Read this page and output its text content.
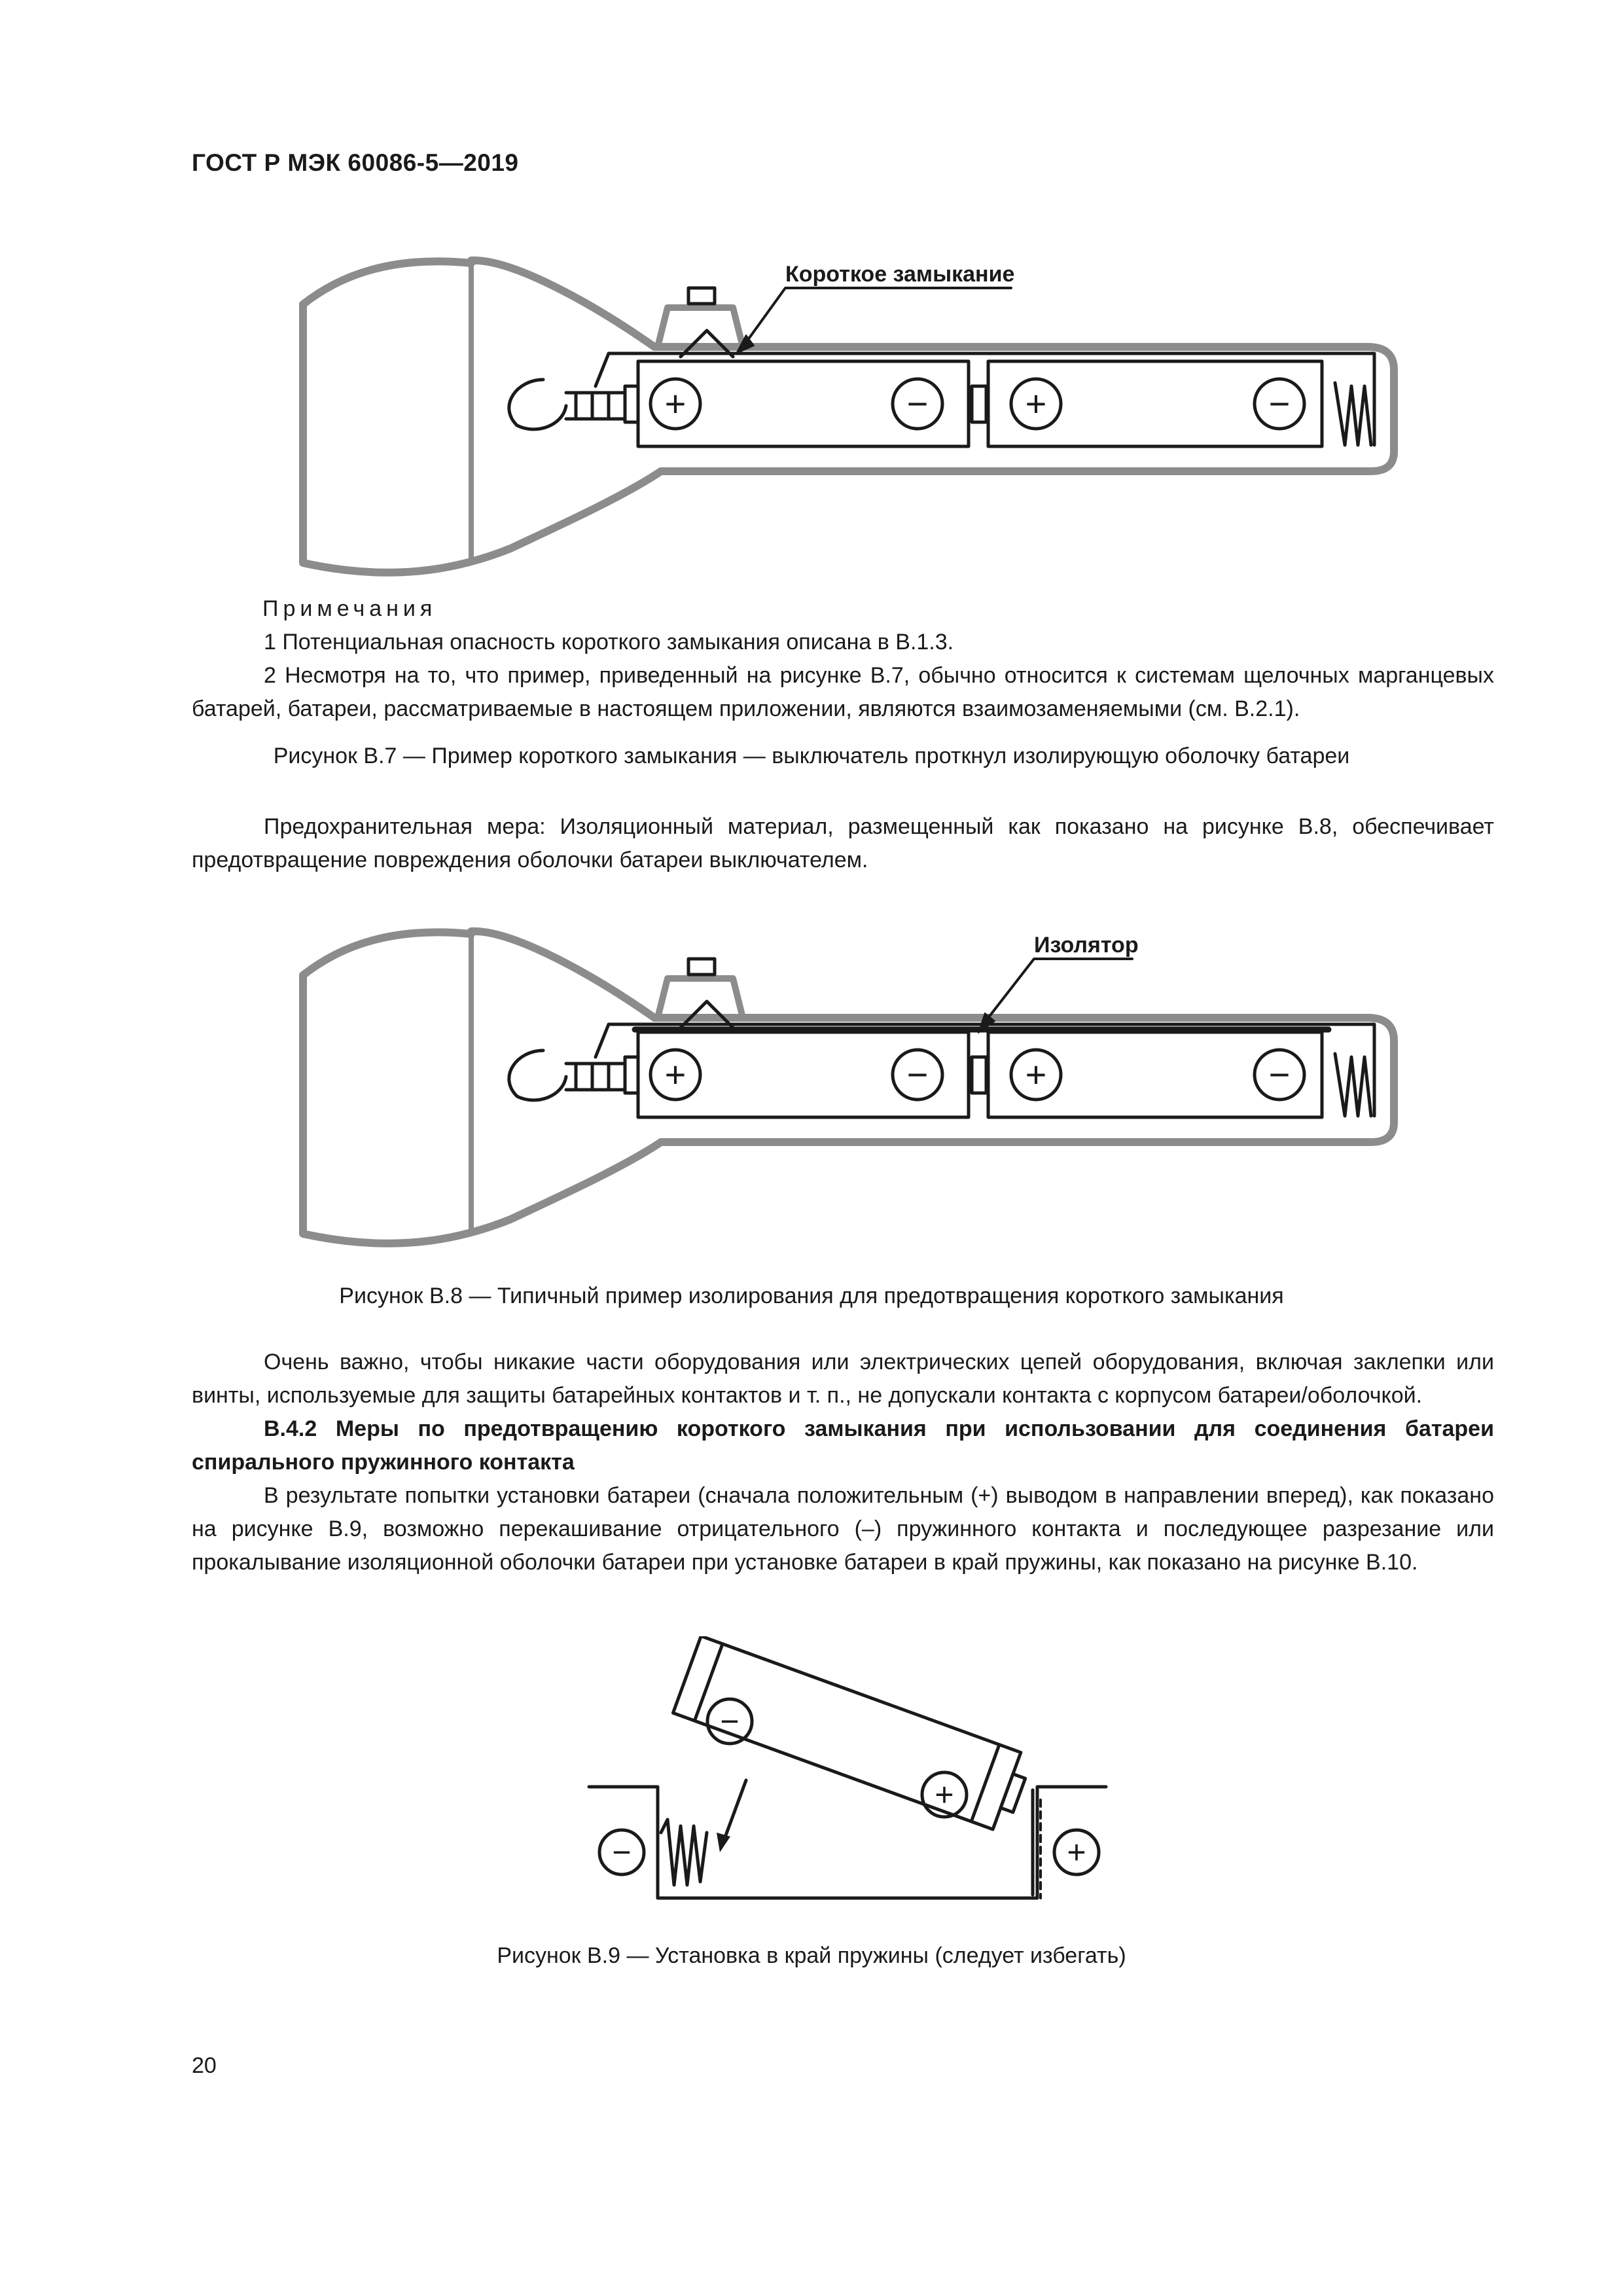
ГОСТ Р МЭК 60086-5—2019
+	−	+	−
Короткое замыкание

Примечания

1 Потенциальная опасность короткого замыкания описана в B.1.3.

2 Несмотря на то, что пример, приведенный на рисунке B.7, обычно относится к системам щелочных марганцевых батарей, батареи, рассматриваемые в настоящем приложении, являются взаимозаменяемыми (см. B.2.1).

Рисунок B.7 — Пример короткого замыкания — выключатель проткнул изолирующую оболочку батареи

Предохранительная мера: Изоляционный материал, размещенный как показано на рисунке B.8, обеспечивает предотвращение повреждения оболочки батареи выключателем.

+	−	+	−
Изолятор
Рисунок B.8 — Типичный пример изолирования для предотвращения короткого замыкания

Очень важно, чтобы никакие части оборудования или электрических цепей оборудования, включая заклепки или винты, используемые для защиты батарейных контактов и т. п., не допускали контакта с корпусом батареи/оболочкой.

B.4.2 Меры по предотвращению короткого замыкания при использовании для соединения батареи спирального пружинного контакта

В результате попытки установки батареи (сначала положительным (+) выводом в направлении вперед), как показано на рисунке B.9, возможно перекашивание отрицательного (–) пружинного контакта и последующее разрезание или прокалывание изоляционной оболочки батареи при установке батареи в край пружины, как показано на рисунке B.10.

−
+
−	+
Рисунок B.9 — Установка в край пружины (следует избегать)
20
